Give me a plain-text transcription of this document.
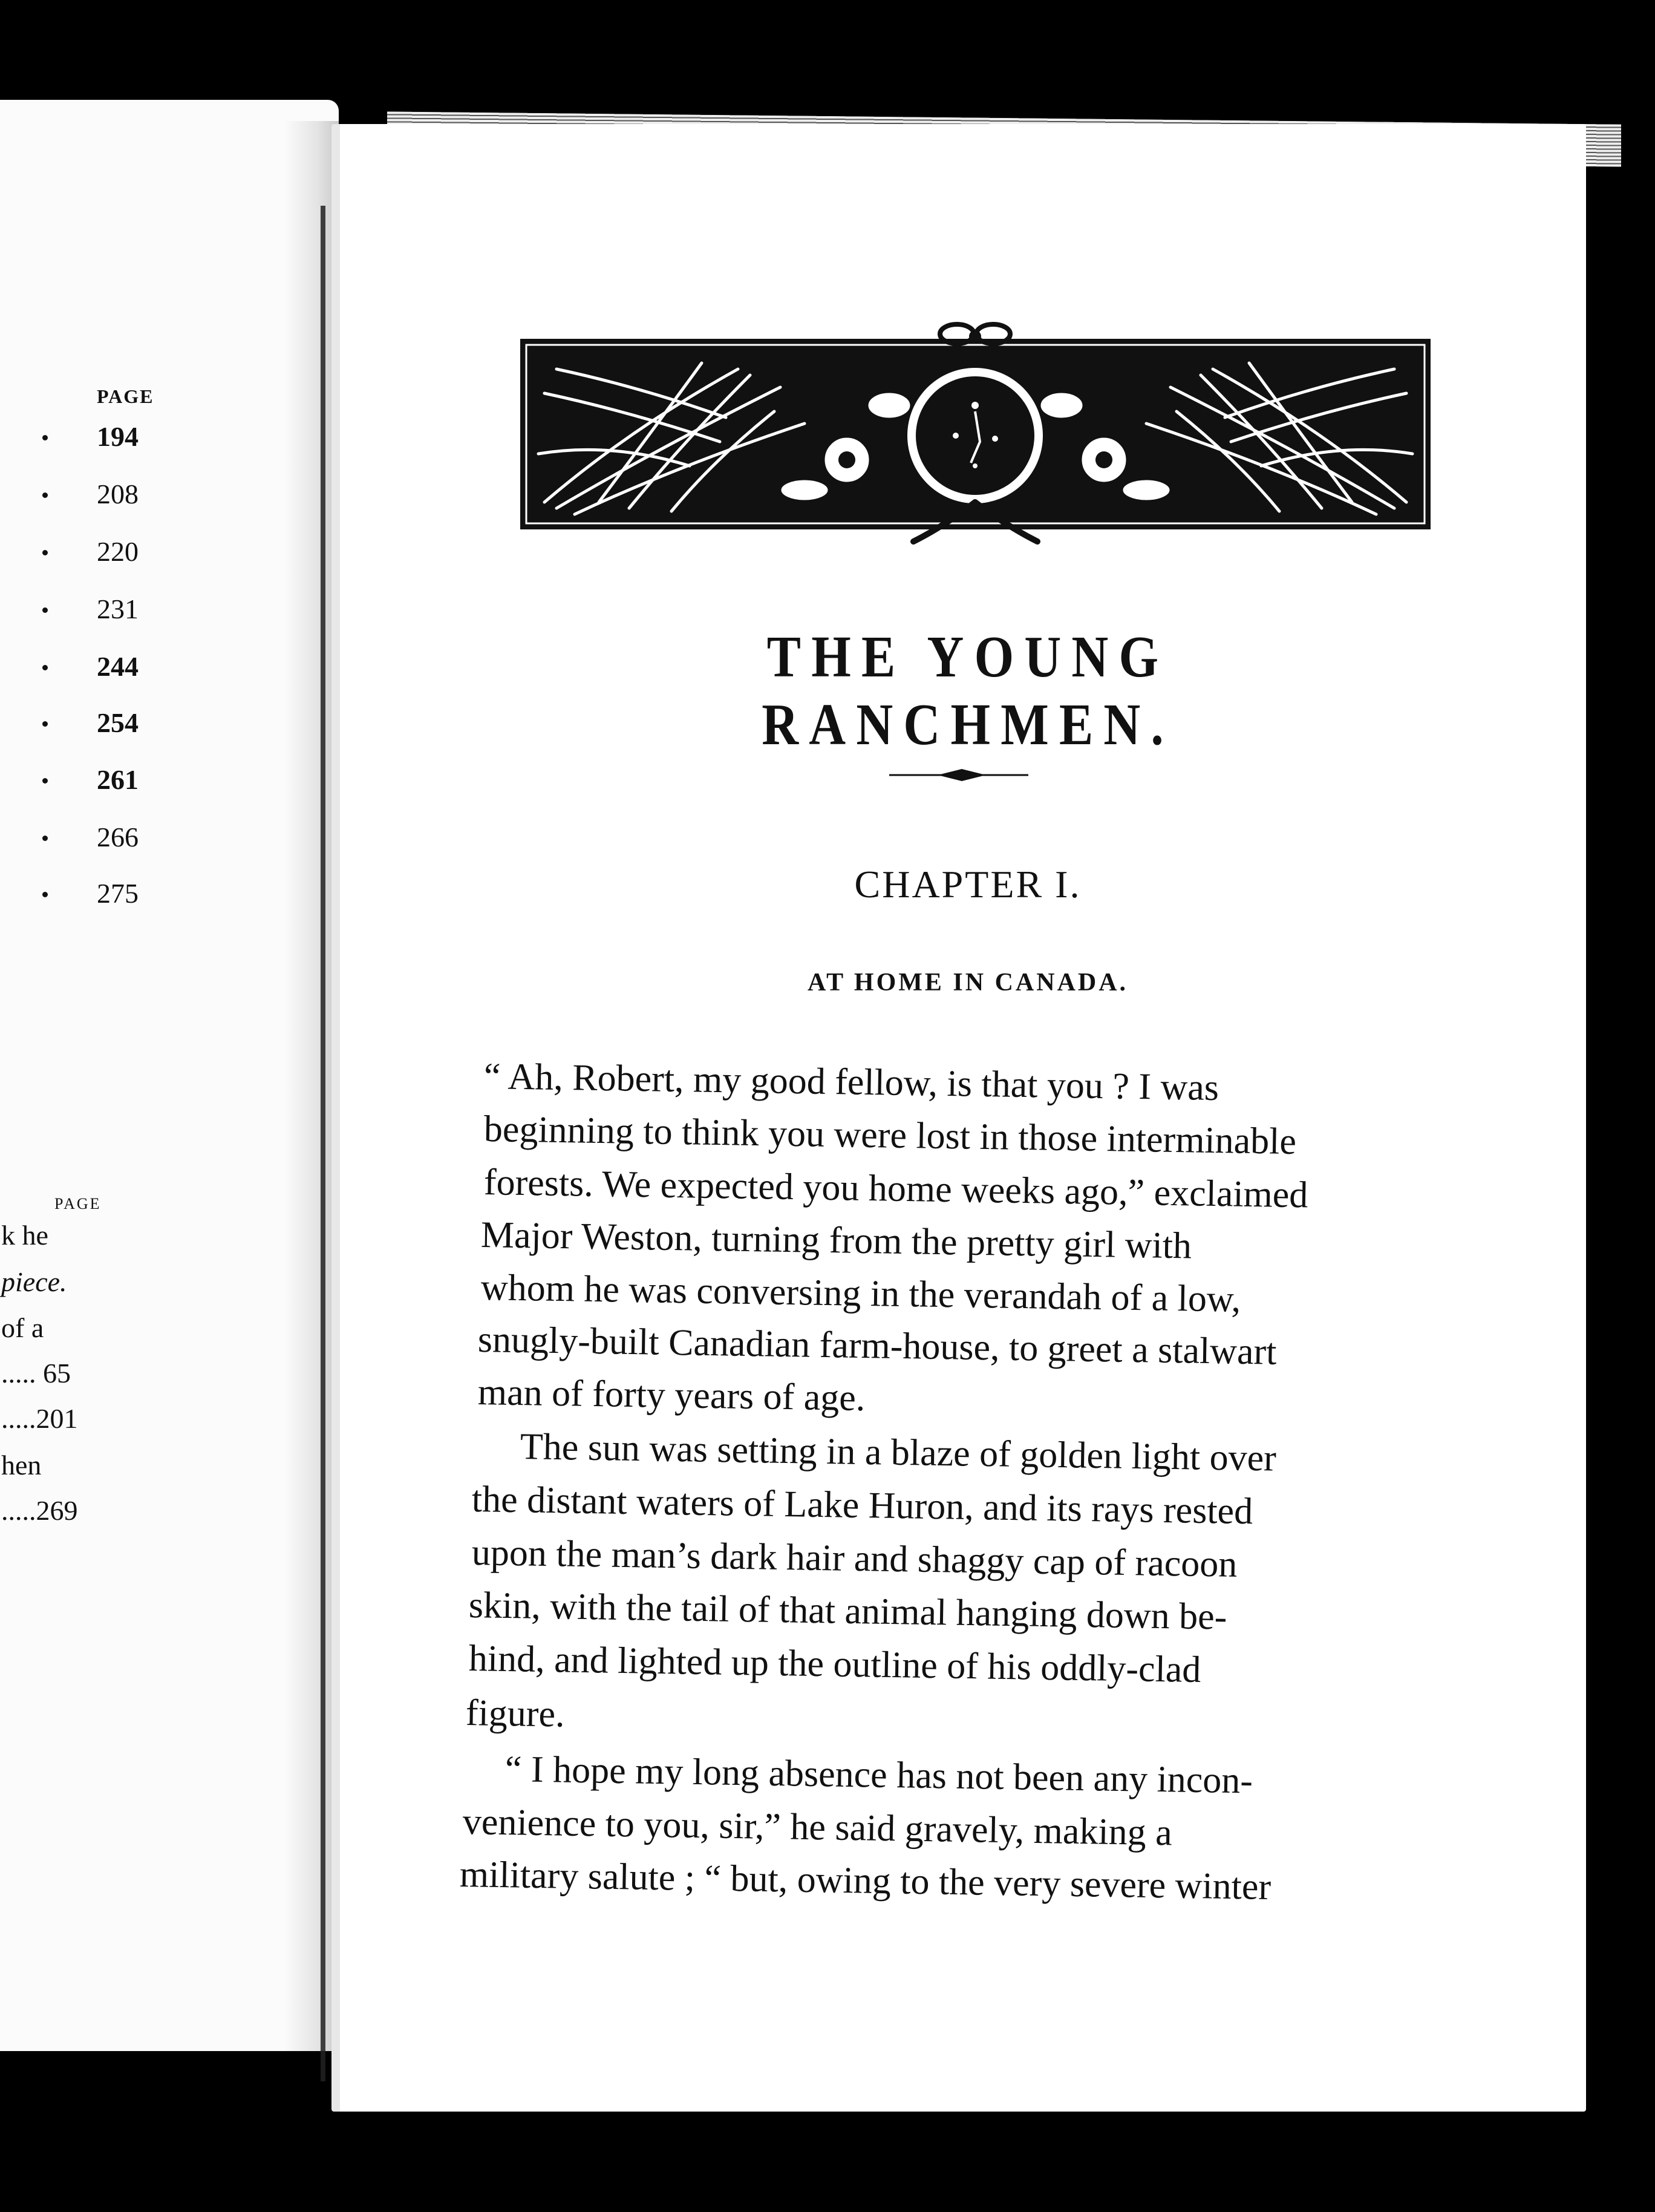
PAGE
194
208
220
231
244
254
261
266
275
PAGE
k he
piece.
of a
..... 65
.....201
hen
.....269
THE YOUNG RANCHMEN.
CHAPTER I.
AT HOME IN CANADA.
“ Ah, Robert, my good fellow, is that you ? I was
beginning to think you were lost in those interminable
forests. We expected you home weeks ago,” exclaimed
Major Weston, turning from the pretty girl with
whom he was conversing in the verandah of a low,
snugly-built Canadian farm-house, to greet a stalwart
man of forty years of age.
The sun was setting in a blaze of golden light over
the distant waters of Lake Huron, and its rays rested
upon the man’s dark hair and shaggy cap of racoon
skin, with the tail of that animal hanging down be-
hind, and lighted up the outline of his oddly-clad
figure.
“ I hope my long absence has not been any incon-
venience to you, sir,” he said gravely, making a
military salute ; “ but, owing to the very severe winter
